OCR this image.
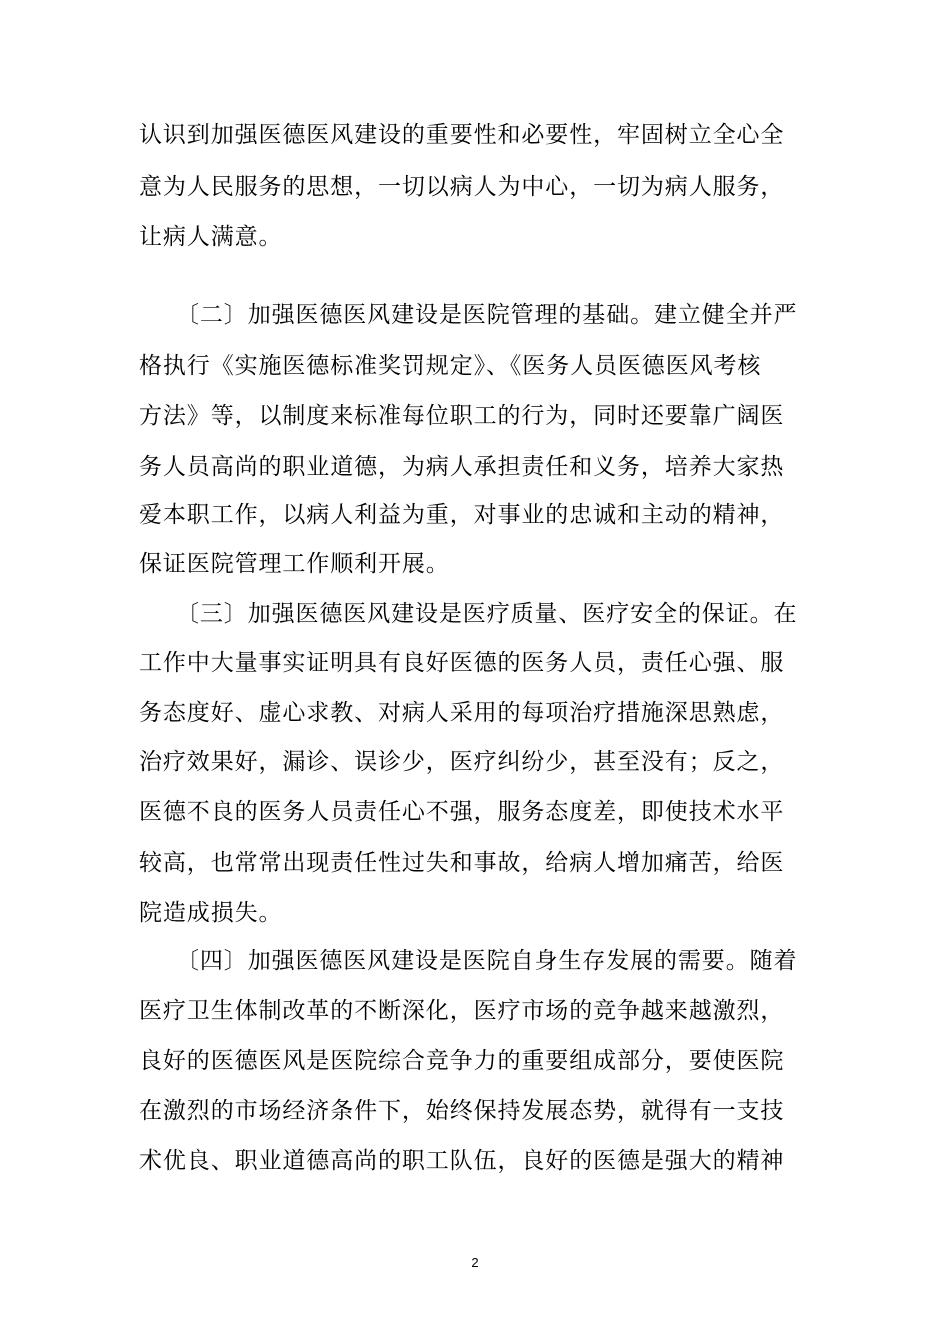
认识到加强医德医风建设的重要性和必要性，牢固树立全心全
意为人民服务的思想，一切以病人为中心，一切为病人服务，
让病人满意。
〔二〕加强医德医风建设是医院管理的基础。建立健全并严
格执行《实施医德标准奖罚规定》、《医务人员医德医风考核
方法》等，以制度来标准每位职工的行为，同时还要靠广阔医
务人员高尚的职业道德，为病人承担责任和义务，培养大家热
爱本职工作，以病人利益为重，对事业的忠诚和主动的精神，
保证医院管理工作顺利开展。
〔三〕加强医德医风建设是医疗质量、医疗安全的保证。在
工作中大量事实证明具有良好医德的医务人员，责任心强、服
务态度好、虚心求教、对病人采用的每项治疗措施深思熟虑，
治疗效果好，漏诊、误诊少，医疗纠纷少，甚至没有；反之，
医德不良的医务人员责任心不强，服务态度差，即使技术水平
较高，也常常出现责任性过失和事故，给病人增加痛苦，给医
院造成损失。
〔四〕加强医德医风建设是医院自身生存发展的需要。随着
医疗卫生体制改革的不断深化，医疗市场的竞争越来越激烈，
良好的医德医风是医院综合竞争力的重要组成部分，要使医院
在激烈的市场经济条件下，始终保持发展态势，就得有一支技
术优良、职业道德高尚的职工队伍，良好的医德是强大的精神
2
